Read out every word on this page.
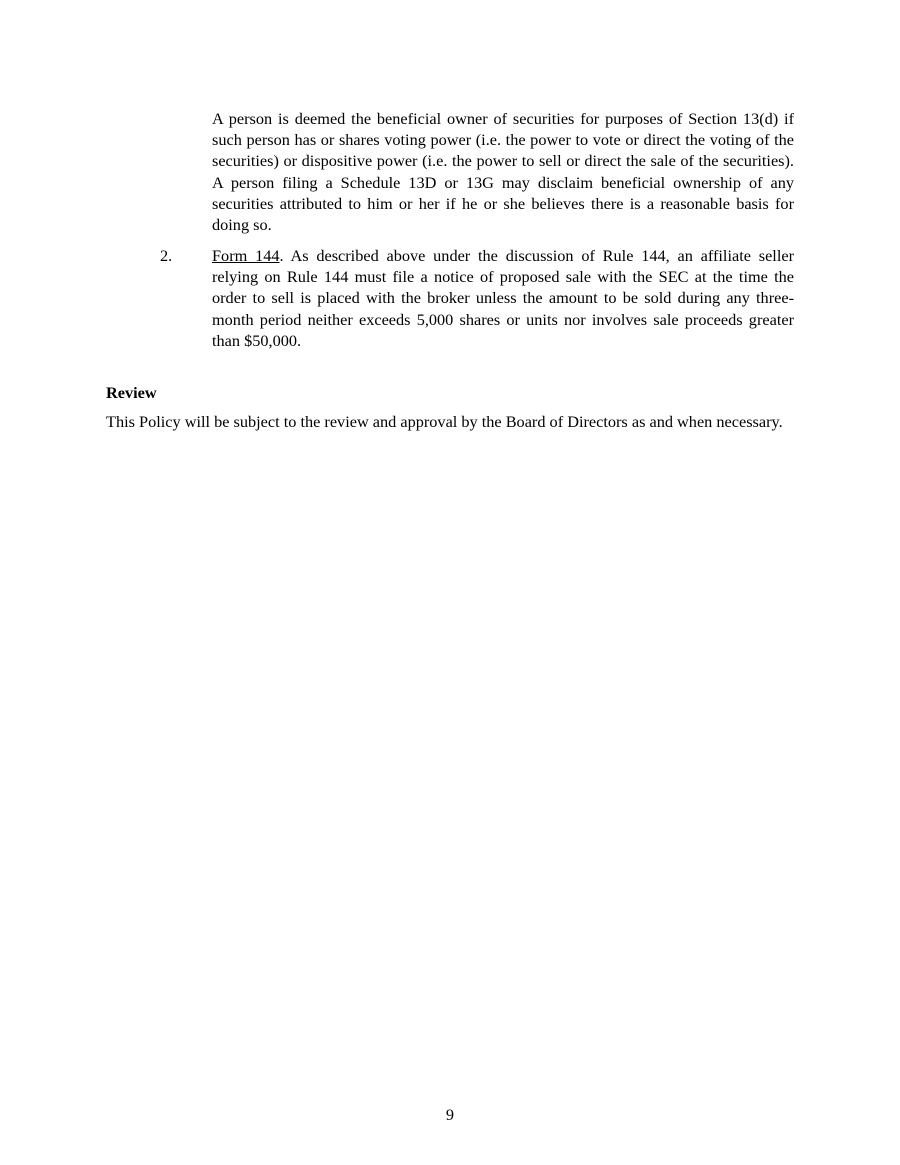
A person is deemed the beneficial owner of securities for purposes of Section 13(d) if such person has or shares voting power (i.e. the power to vote or direct the voting of the securities) or dispositive power (i.e. the power to sell or direct the sale of the securities). A person filing a Schedule 13D or 13G may disclaim beneficial ownership of any securities attributed to him or her if he or she believes there is a reasonable basis for doing so.

2. Form 144. As described above under the discussion of Rule 144, an affiliate seller relying on Rule 144 must file a notice of proposed sale with the SEC at the time the order to sell is placed with the broker unless the amount to be sold during any three-month period neither exceeds 5,000 shares or units nor involves sale proceeds greater than $50,000.

Review

This Policy will be subject to the review and approval by the Board of Directors as and when necessary.

9
